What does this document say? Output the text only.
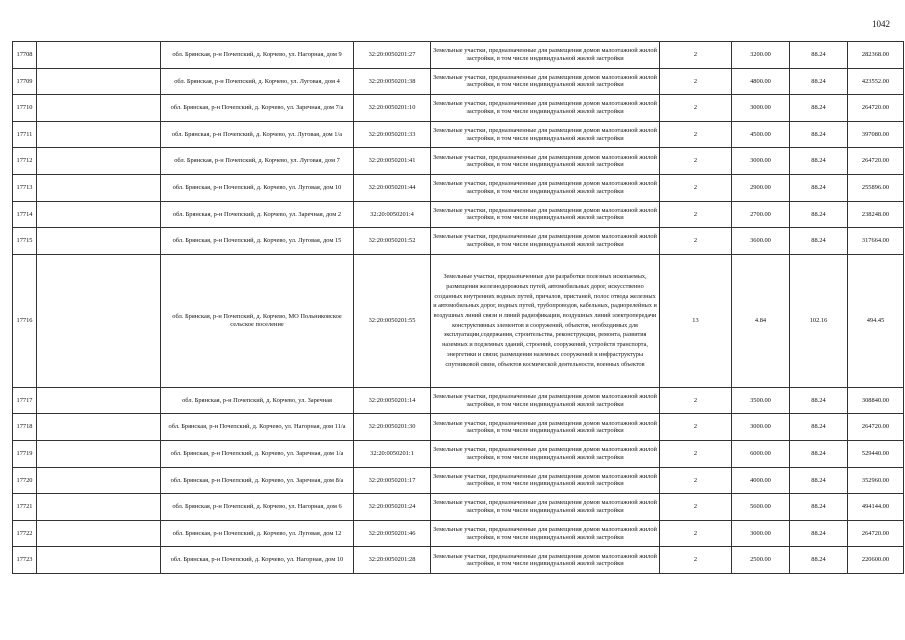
1042
17708		обл. Брянская, р-н Почепский, д. Корчево, ул. Нагорная, дом 9	32:20:0050201:27	Земельные участки, предназначенные для размещения домов малоэтажной жилой застройки, в том числе индивидуальной жилой застройки	2	3200.00	88.24	282368.00
17709		обл. Брянская, р-н Почепский, д. Корчево, ул. Луговая, дом 4	32:20:0050201:38	Земельные участки, предназначенные для размещения домов малоэтажной жилой застройки, в том числе индивидуальной жилой застройки	2	4800.00	88.24	423552.00
17710		обл. Брянская, р-н Почепский, д. Корчево, ул. Заречная, дом 7/а	32:20:0050201:10	Земельные участки, предназначенные для размещения домов малоэтажной жилой застройки, в том числе индивидуальной жилой застройки	2	3000.00	88.24	264720.00
17711		обл. Брянская, р-н Почепский, д. Корчево, ул. Луговая, дом 1/а	32:20:0050201:33	Земельные участки, предназначенные для размещения домов малоэтажной жилой застройки, в том числе индивидуальной жилой застройки	2	4500.00	88.24	397080.00
17712		обл. Брянская, р-н Почепский, д. Корчево, ул. Луговая, дом 7	32:20:0050201:41	Земельные участки, предназначенные для размещения домов малоэтажной жилой застройки, в том числе индивидуальной жилой застройки	2	3000.00	88.24	264720.00
17713		обл. Брянская, р-н Почепский, д. Корчево, ул. Луговая, дом 10	32:20:0050201:44	Земельные участки, предназначенные для размещения домов малоэтажной жилой застройки, в том числе индивидуальной жилой застройки	2	2900.00	88.24	255896.00
17714		обл. Брянская, р-н Почепский, д. Корчево, ул. Заречная, дом 2	32:20:0050201:4	Земельные участки, предназначенные для размещения домов малоэтажной жилой застройки, в том числе индивидуальной жилой застройки	2	2700.00	88.24	238248.00
17715		обл. Брянская, р-н Почепский, д. Корчево, ул. Луговая, дом 15	32:20:0050201:52	Земельные участки, предназначенные для размещения домов малоэтажной жилой застройки, в том числе индивидуальной жилой застройки	2	3600.00	88.24	317664.00
17716		обл. Брянская, р-н Почепский, д. Корчево, МО Польниковское сельское поселение	32:20:0050201:55	Земельные участки, предназначенные для разработки полезных ископаемых, размещения железнодорожных путей, автомобильных дорог, искусственно созданных внутренних водных путей, причалов, пристаней, полос отвода железных и автомобильных дорог, водных путей, трубопроводов, кабельных, радиорелейных и воздушных линий связи и линий радиофикации, воздушных линий электропередачи конструктивных элементов и сооружений, объектов, необходимых для эксплуатации,содержания, строительства, реконструкции, ремонта, развития наземных и подземных зданий, строений, сооружений, устройств транспорта, энергетики и связи; размещения наземных сооружений и инфраструктуры спутниковой связи, объектов космической деятельности, военных объектов	13	4.84	102.16	494.45
17717		обл. Брянская, р-н Почепский, д. Корчево, ул. Заречная	32:20:0050201:14	Земельные участки, предназначенные для размещения домов малоэтажной жилой застройки, в том числе индивидуальной жилой застройки	2	3500.00	88.24	308840.00
17718		обл. Брянская, р-н Почепский, д. Корчево, ул. Нагорная, дом 11/а	32:20:0050201:30	Земельные участки, предназначенные для размещения домов малоэтажной жилой застройки, в том числе индивидуальной жилой застройки	2	3000.00	88.24	264720.00
17719		обл. Брянская, р-н Почепский, д. Корчево, ул. Заречная, дом 1/а	32:20:0050201:1	Земельные участки, предназначенные для размещения домов малоэтажной жилой застройки, в том числе индивидуальной жилой застройки	2	6000.00	88.24	529440.00
17720		обл. Брянская, р-н Почепский, д. Корчево, ул. Заречная, дом 8/а	32:20:0050201:17	Земельные участки, предназначенные для размещения домов малоэтажной жилой застройки, в том числе индивидуальной жилой застройки	2	4000.00	88.24	352960.00
17721		обл. Брянская, р-н Почепский, д. Корчево, ул. Нагорная, дом 6	32:20:0050201:24	Земельные участки, предназначенные для размещения домов малоэтажной жилой застройки, в том числе индивидуальной жилой застройки	2	5600.00	88.24	494144.00
17722		обл. Брянская, р-н Почепский, д. Корчево, ул. Луговая, дом 12	32:20:0050201:46	Земельные участки, предназначенные для размещения домов малоэтажной жилой застройки, в том числе индивидуальной жилой застройки	2	3000.00	88.24	264720.00
17723		обл. Брянская, р-н Почепский, д. Корчево, ул. Нагорная, дом 10	32:20:0050201:28	Земельные участки, предназначенные для размещения домов малоэтажной жилой застройки, в том числе индивидуальной жилой застройки	2	2500.00	88.24	220600.00
